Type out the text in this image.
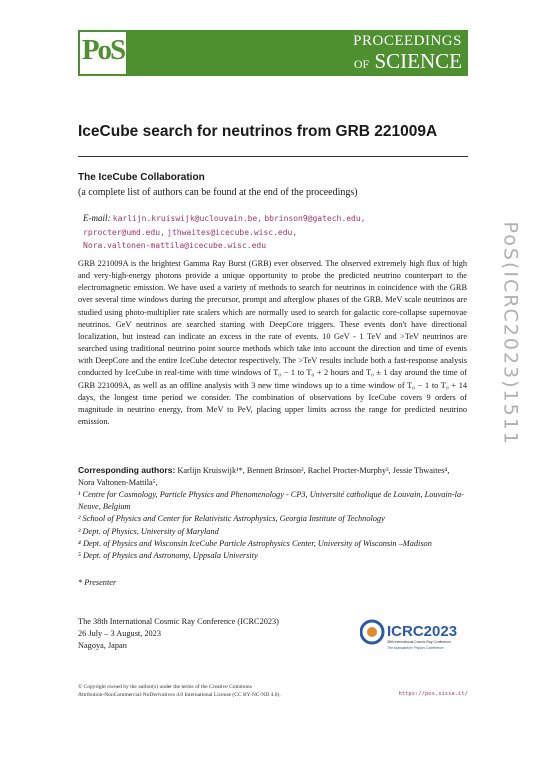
PoS	PROCEEDINGS
OF SCIENCE
IceCube search for neutrinos from GRB 221009A
The IceCube Collaboration
(a complete list of authors can be found at the end of the proceedings)
E-mail: karlijn.kruiswijk@uclouvain.be, bbrinson9@gatech.edu,
rprocter@umd.edu, jthwaites@icecube.wisc.edu,
Nora.valtonen-mattila@icecube.wisc.edu
GRB 221009A is the brightest Gamma Ray Burst (GRB) ever observed. The observed extremely high flux of high and very-high-energy photons provide a unique opportunity to probe the predicted neutrino counterpart to the electromagnetic emission. We have used a variety of methods to search for neutrinos in coincidence with the GRB over several time windows during the precursor, prompt and afterglow phases of the GRB. MeV scale neutrinos are studied using photo-multiplier rate scalers which are normally used to search for galactic core-collapse supernovae neutrinos. GeV neutrinos are searched starting with DeepCore triggers. These events don't have directional localization, but instead can indicate an excess in the rate of events. 10 GeV - 1 TeV and >TeV neutrinos are searched using traditional neutrino point source methods which take into account the direction and time of events with DeepCore and the entire IceCube detector respectively. The >TeV results include both a fast-response analysis conducted by IceCube in real-time with time windows of T₀ − 1 to T₀ + 2 hours and T₀ ± 1 day around the time of GRB 221009A, as well as an offline analysis with 3 new time windows up to a time window of T₀ − 1 to T₀ + 14 days, the longest time period we consider. The combination of observations by IceCube covers 9 orders of magnitude in neutrino energy, from MeV to PeV, placing upper limits across the range for predicted neutrino emission.
Corresponding authors: Karlijn Kruiswijk¹*, Bennett Brinson², Rachel Procter-Murphy³, Jessie Thwaites⁴, Nora Valtonen-Mattila⁵,

¹ Centre for Cosmology, Particle Physics and Phenomenology - CP3, Université catholique de Louvain, Louvain-la-Neuve, Belgium

² School of Physics and Center for Relativistic Astrophysics, Georgia Institute of Technology

³ Dept. of Physics, University of Maryland

⁴ Dept. of Physics and Wisconsin IceCube Particle Astrophysics Center, University of Wisconsin –Madison

⁵ Dept. of Physics and Astronomy, Uppsala University

* Presenter

The 38th International Cosmic Ray Conference (ICRC2023)

26 July – 3 August, 2023

Nagoya, Japan

ICRC2023
38th International Cosmic Ray Conference
The Astroparticle Physics Conference
© Copyright owned by the author(s) under the terms of the Creative Commons
Attribution-NonCommercial-NoDerivatives 4.0 International License (CC BY-NC-ND 4.0).	https://pos.sissa.it/
PoS(ICRC2023)1511
